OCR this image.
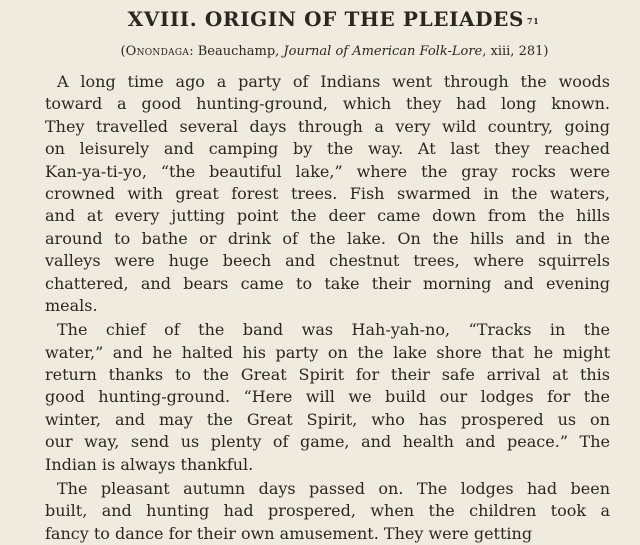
XVIII. ORIGIN OF THE PLEIADES $^{71}$
(Onondaga: Beauchamp, Journal of American Folk-Lore, xiii, 281)
A long time ago a party of Indians went through the woods
toward a good hunting-ground, which they had long known.
They travelled several days through a very wild country, going
on leisurely and camping by the way. At last they reached
Kan-ya-ti-yo, “the beautiful lake,” where the gray rocks were
crowned with great forest trees. Fish swarmed in the waters,
and at every jutting point the deer came down from the hills
around to bathe or drink of the lake. On the hills and in the
valleys were huge beech and chestnut trees, where squirrels
chattered, and bears came to take their morning and evening
meals.
The chief of the band was Hah-yah-no, “Tracks in the
water,” and he halted his party on the lake shore that he might
return thanks to the Great Spirit for their safe arrival at this
good hunting-ground. “Here will we build our lodges for the
winter, and may the Great Spirit, who has prospered us on
our way, send us plenty of game, and health and peace.” The
Indian is always thankful.
The pleasant autumn days passed on. The lodges had been
built, and hunting had prospered, when the children took a
fancy to dance for their own amusement. They were getting
